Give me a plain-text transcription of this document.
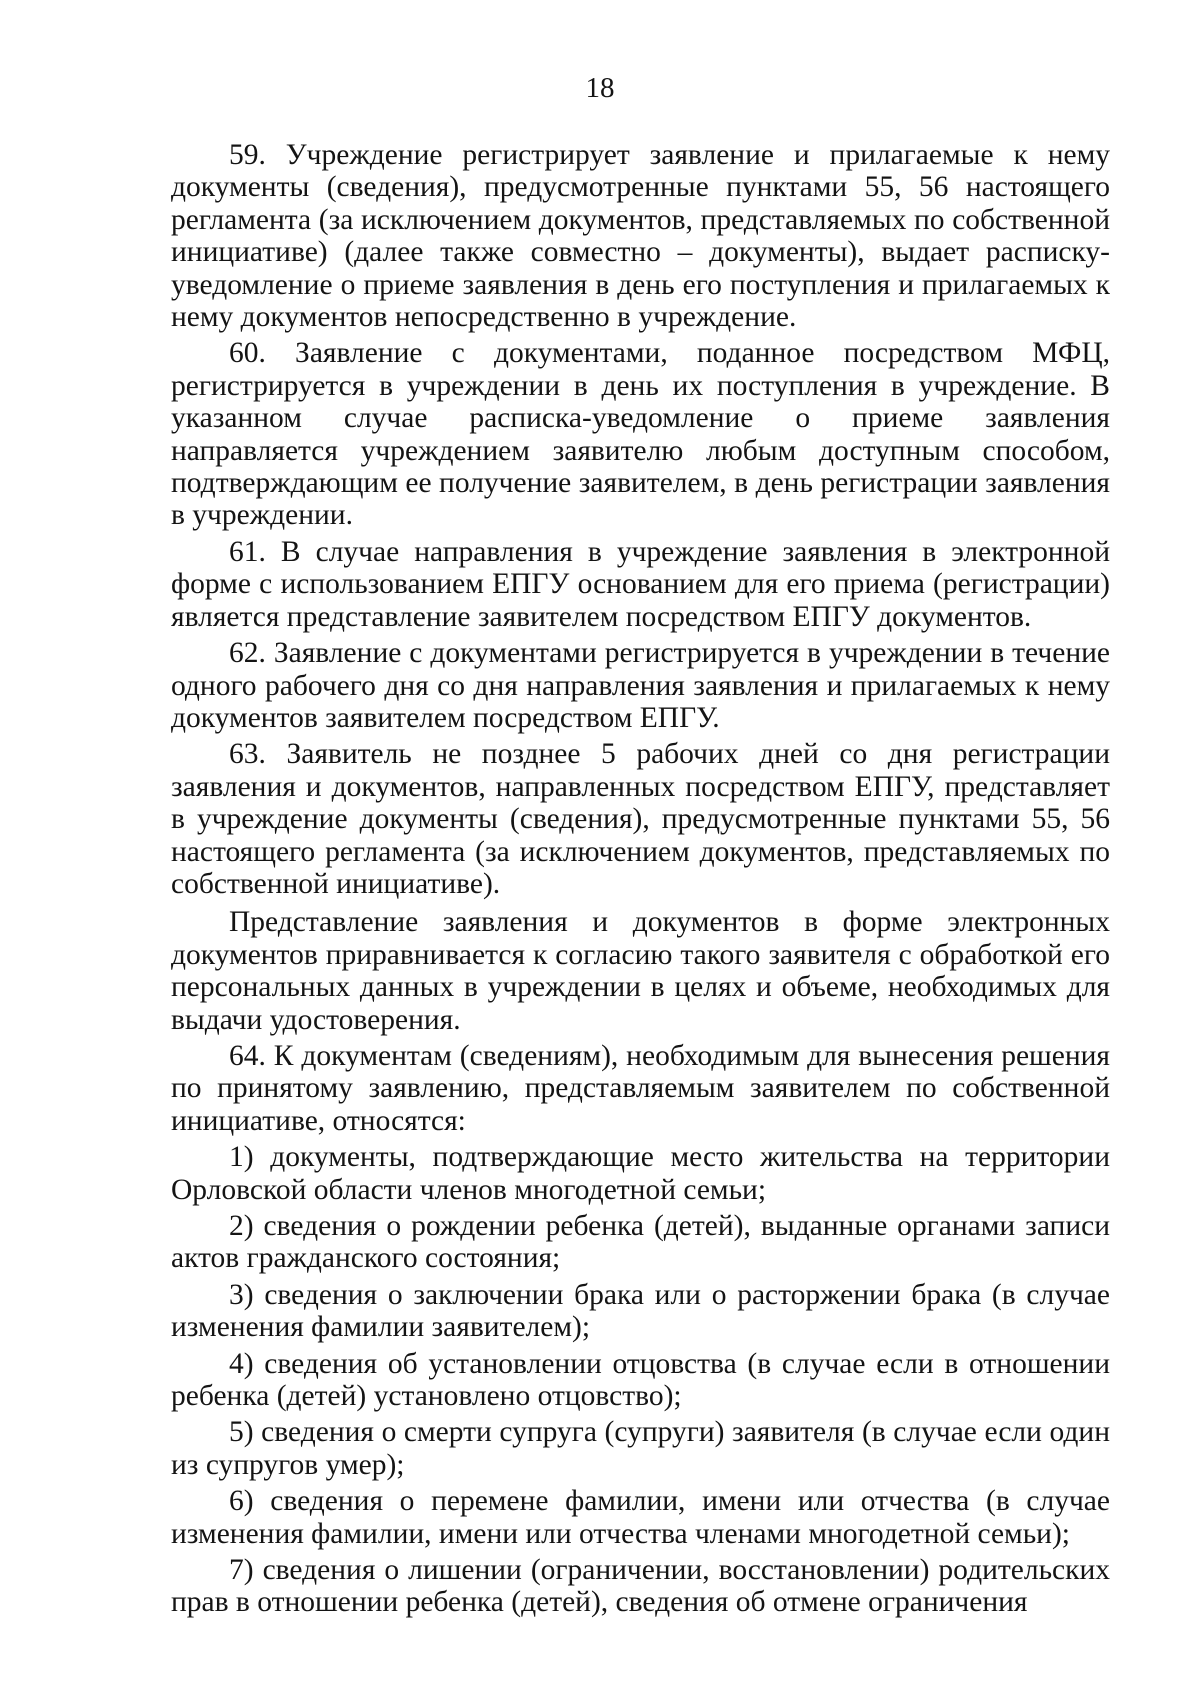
18

59. Учреждение регистрирует заявление и прилагаемые к нему документы (сведения), предусмотренные пунктами 55, 56 настоящего регламента (за исключением документов, представляемых по собственной инициативе) (далее также совместно – документы), выдает расписку-уведомление о приеме заявления в день его поступления и прилагаемых к нему документов непосредственно в учреждение.

60. Заявление с документами, поданное посредством МФЦ, регистрируется в учреждении в день их поступления в учреждение. В указанном случае расписка-уведомление о приеме заявления направляется учреждением заявителю любым доступным способом, подтверждающим ее получение заявителем, в день регистрации заявления в учреждении.

61. В случае направления в учреждение заявления в электронной форме с использованием ЕПГУ основанием для его приема (регистрации) является представление заявителем посредством ЕПГУ документов.

62. Заявление с документами регистрируется в учреждении в течение одного рабочего дня со дня направления заявления и прилагаемых к нему документов заявителем посредством ЕПГУ.

63. Заявитель не позднее 5 рабочих дней со дня регистрации заявления и документов, направленных посредством ЕПГУ, представляет в учреждение документы (сведения), предусмотренные пунктами 55, 56 настоящего регламента (за исключением документов, представляемых по собственной инициативе).

Представление заявления и документов в форме электронных документов приравнивается к согласию такого заявителя с обработкой его персональных данных в учреждении в целях и объеме, необходимых для выдачи удостоверения.

64. К документам (сведениям), необходимым для вынесения решения по принятому заявлению, представляемым заявителем по собственной инициативе, относятся:

1) документы, подтверждающие место жительства на территории Орловской области членов многодетной семьи;

2) сведения о рождении ребенка (детей), выданные органами записи актов гражданского состояния;

3) сведения о заключении брака или о расторжении брака (в случае изменения фамилии заявителем);

4) сведения об установлении отцовства (в случае если в отношении ребенка (детей) установлено отцовство);

5) сведения о смерти супруга (супруги) заявителя (в случае если один из супругов умер);

6) сведения о перемене фамилии, имени или отчества (в случае изменения фамилии, имени или отчества членами многодетной семьи);

7) сведения о лишении (ограничении, восстановлении) родительских прав в отношении ребенка (детей), сведения об отмене ограничения
